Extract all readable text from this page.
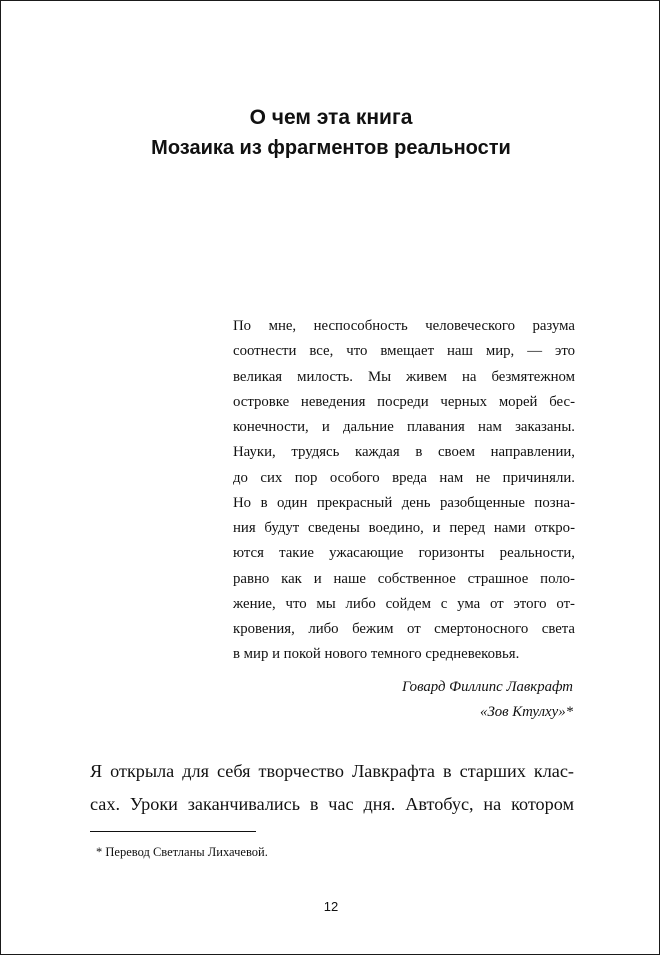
О чем эта книга
Мозаика из фрагментов реальности
По мне, неспособность человеческого разума
соотнести все, что вмещает наш мир, — это
великая милость. Мы живем на безмятежном
островке неведения посреди черных морей бес-
конечности, и дальние плавания нам заказаны.
Науки, трудясь каждая в своем направлении,
до сих пор особого вреда нам не причиняли.
Но в один прекрасный день разобщенные позна-
ния будут сведены воедино, и перед нами откро-
ются такие ужасающие горизонты реальности,
равно как и наше собственное страшное поло-
жение, что мы либо сойдем с ума от этого от-
кровения, либо бежим от смертоносного света
в мир и покой нового темного средневековья.
Говард Филлипс Лавкрафт
«Зов Ктулху»*
Я открыла для себя творчество Лавкрафта в старших клас-
сах. Уроки заканчивались в час дня. Автобус, на котором
* Перевод Светланы Лихачевой.
12
